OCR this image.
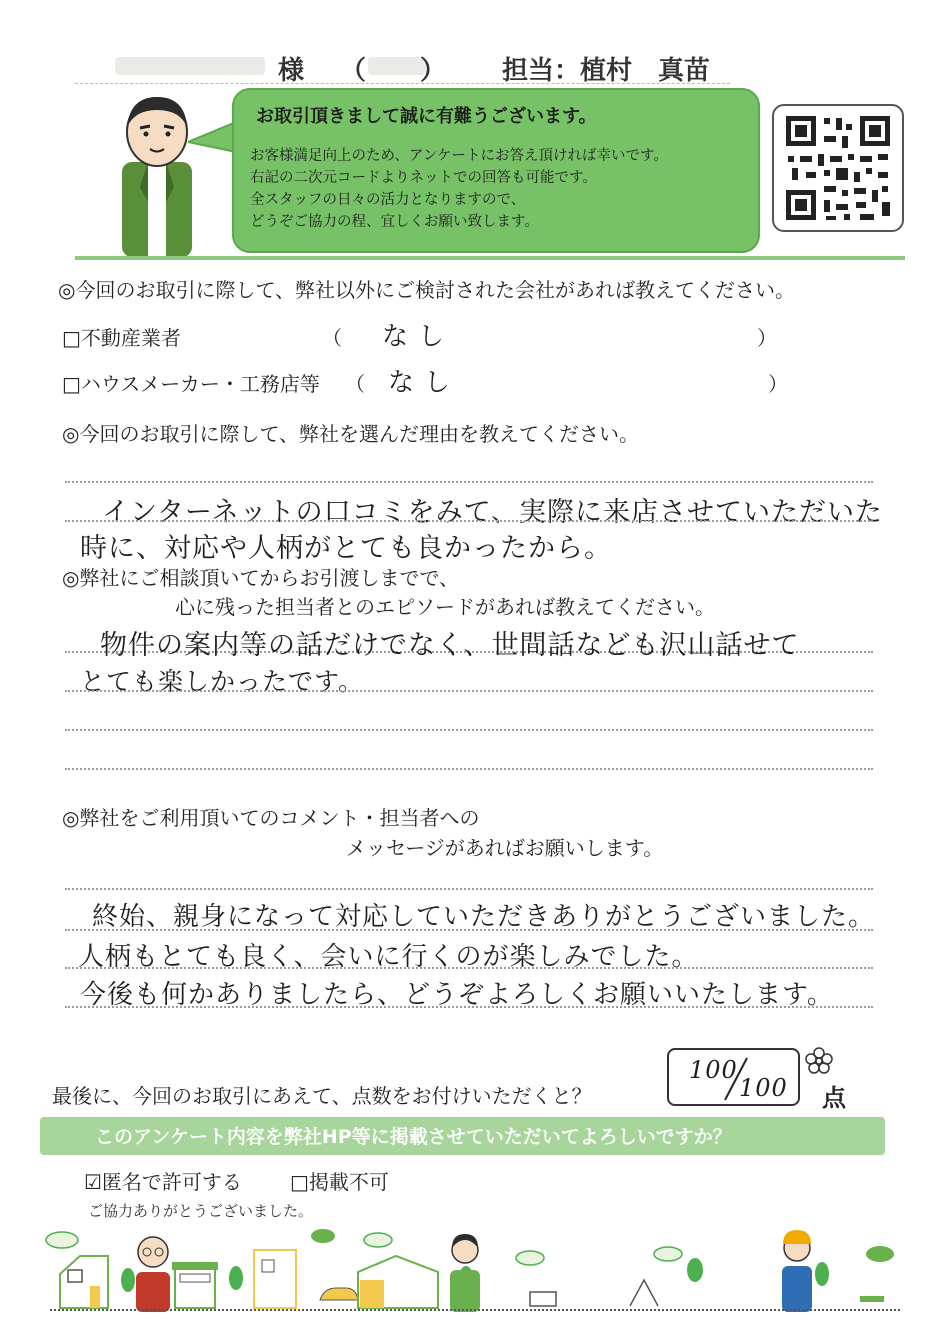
様 （ ） 担当：植村　真苗
お取引頂きまして誠に有難うございます。
お客様満足向上のため、アンケートにお答え頂ければ幸いです。
右記の二次元コードよりネットでの回答も可能です。
全スタッフの日々の活力となりますので、
どうぞご協力の程、宜しくお願い致します。
◎今回のお取引に際して、弊社以外にご検討された会社があれば教えてください。
□不動産業者	（ なし	）
□ハウスメーカー・工務店等 （ なし	）
◎今回のお取引に際して、弊社を選んだ理由を教えてください。
インターネットの口コミをみて、実際に来店させていただいた
時に、対応や人柄がとても良かったから。
◎弊社にご相談頂いてからお引渡しまでで、
心に残った担当者とのエピソードがあれば教えてください。
物件の案内等の話だけでなく、世間話なども沢山話せて
とても楽しかったです。
◎弊社をご利用頂いてのコメント・担当者への
メッセージがあればお願いします。
終始、親身になって対応していただきありがとうございました。
人柄もとても良く、会いに行くのが楽しみでした。
今後も何かありましたら、どうぞよろしくお願いいたします。
最後に、今回のお取引にあえて、点数をお付けいただくと？
100
100 点
このアンケート内容を弊社HP等に掲載させていただいてよろしいですか？
☑匿名で許可する □掲載不可
ご協力ありがとうございました。
